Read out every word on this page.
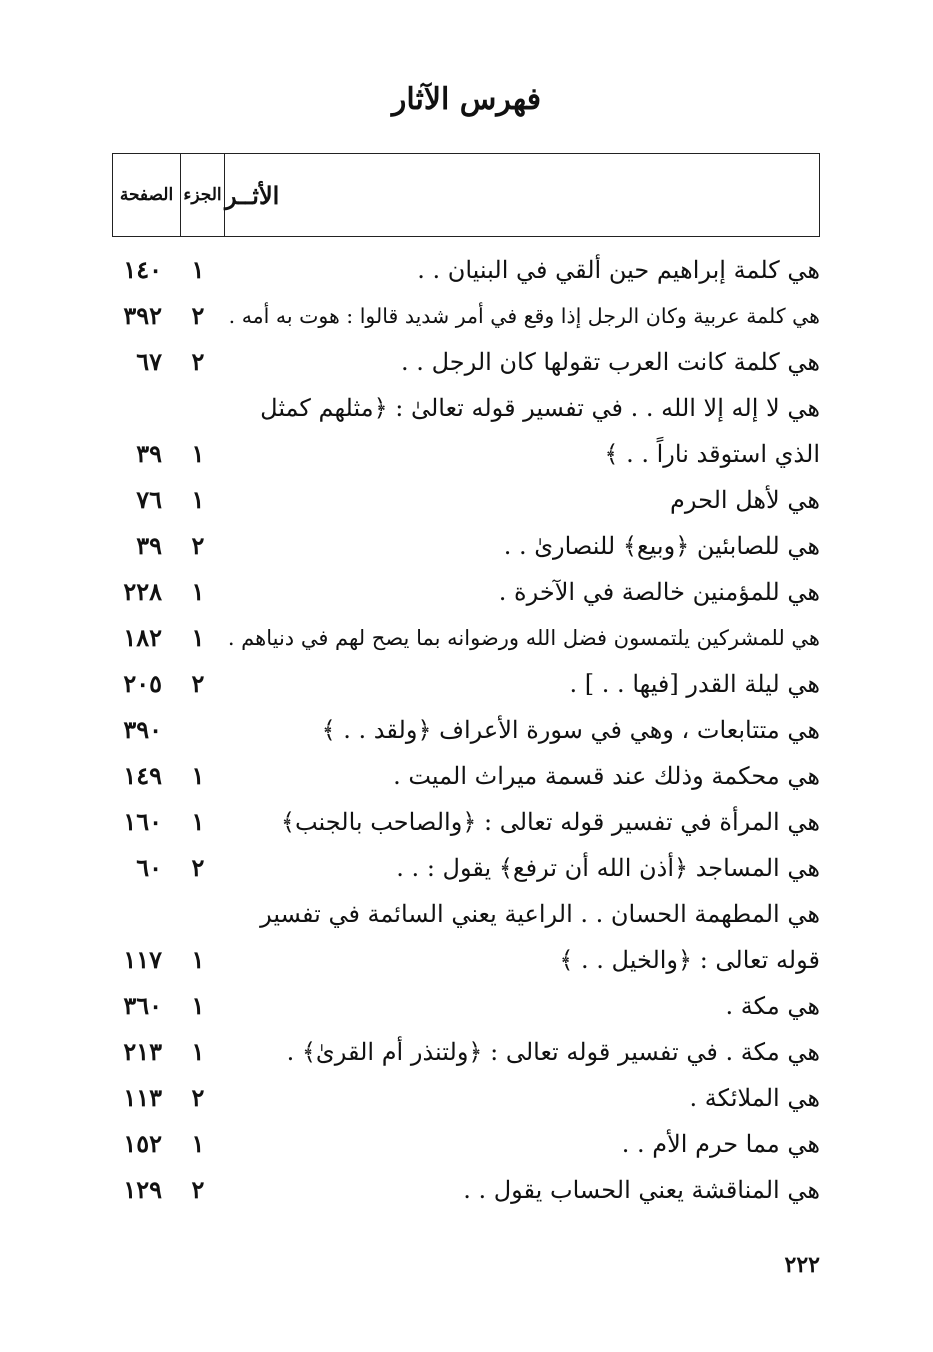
فهرس الآثار
الأثــر
الجزء
الصفحة
هي كلمة إبراهيم حين ألقي في البنيان . .
١
١٤٠
هي كلمة عربية وكان الرجل إذا وقع في أمر شديد قالوا : هوت به أمه .
٢
٣٩٢
هي كلمة كانت العرب تقولها كان الرجل . .
٢
٦٧
هي لا إله إلا الله . . في تفسير قوله تعالىٰ : ﴿مثلهم كمثل
الذي استوقد ناراً . . ﴾
١
٣٩
هي لأهل الحرم
١
٧٦
هي للصابئين ﴿وبيع﴾ للنصارىٰ . .
٢
٣٩
هي للمؤمنين خالصة في الآخرة .
١
٢٢٨
هي للمشركين يلتمسون فضل الله ورضوانه بما يصح لهم في دنياهم .
١
١٨٢
هي ليلة القدر [فيها . . ] .
٢
٢٠٥
هي متتابعات ، وهي في سورة الأعراف ﴿ولقد . . ﴾
٣٩٠
هي محكمة وذلك عند قسمة ميراث الميت .
١
١٤٩
هي المرأة في تفسير قوله تعالى : ﴿والصاحب بالجنب﴾
١
١٦٠
هي المساجد ﴿أذن الله أن ترفع﴾ يقول : . .
٢
٦٠
هي المطهمة الحسان . . الراعية يعني السائمة في تفسير
قوله تعالى : ﴿والخيل . . ﴾
١
١١٧
هي مكة .
١
٣٦٠
هي مكة . في تفسير قوله تعالى : ﴿ولتنذر أم القرىٰ﴾ .
١
٢١٣
هي الملائكة .
٢
١١٣
هي مما حرم الأم . .
١
١٥٢
هي المناقشة يعني الحساب يقول . .
٢
١٢٩
٢٢٢
